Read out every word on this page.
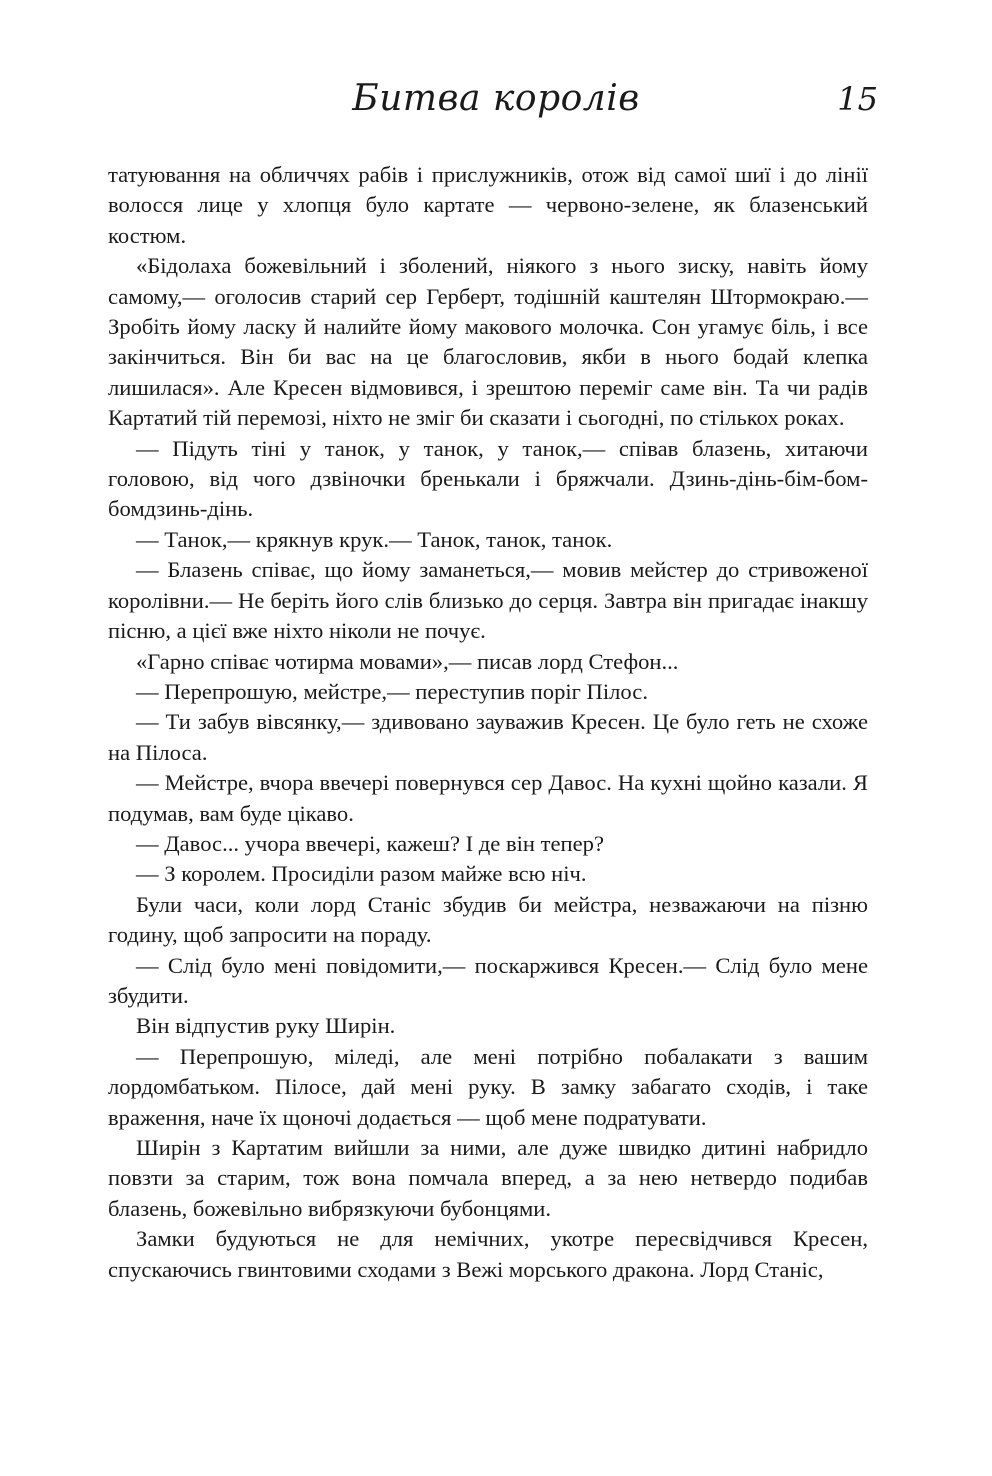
Битва королів	15

татуювання на обличчях рабів і прислужників, отож від самої шиї і до лінії волосся лице у хлопця було картате — червоно-зелене, як блазенський костюм.

«Бідолаха божевільний і зболений, ніякого з нього зиску, навіть йому самому,— оголосив старий сер Герберт, тодішній каштелян Штормокраю.— Зробіть йому ласку й налийте йому макового молочка. Сон угамує біль, і все закінчиться. Він би вас на це благословив, якби в нього бодай клепка лишилася». Але Кресен відмовився, і зрештою переміг саме він. Та чи радів Картатий тій перемозі, ніхто не зміг би сказати і сьогодні, по стількох роках.

— Підуть тіні у танок, у танок, у танок,— співав блазень, хитаючи головою, від чого дзвіночки бренькали і бряжчали. Дзинь-дінь-бім-бом-бомдзинь-дінь.

— Танок,— крякнув крук.— Танок, танок, танок.

— Блазень співає, що йому заманеться,— мовив мейстер до стривоженої королівни.— Не беріть його слів близько до серця. Завтра він пригадає інакшу пісню, а цієї вже ніхто ніколи не почує.

«Гарно співає чотирма мовами»,— писав лорд Стефон...

— Перепрошую, мейстре,— переступив поріг Пілос.

— Ти забув вівсянку,— здивовано зауважив Кресен. Це було геть не схоже на Пілоса.

— Мейстре, вчора ввечері повернувся сер Давос. На кухні щойно казали. Я подумав, вам буде цікаво.

— Давос... учора ввечері, кажеш? І де він тепер?

— З королем. Просиділи разом майже всю ніч.

Були часи, коли лорд Станіс збудив би мейстра, незважаючи на пізню годину, щоб запросити на пораду.

— Слід було мені повідомити,— поскаржився Кресен.— Слід було мене збудити.

Він відпустив руку Ширін.

— Перепрошую, міледі, але мені потрібно побалакати з вашим лордомбатьком. Пілосе, дай мені руку. В замку забагато сходів, і таке враження, наче їх щоночі додається — щоб мене подратувати.

Ширін з Картатим вийшли за ними, але дуже швидко дитині набридло повзти за старим, тож вона помчала вперед, а за нею нетвердо подибав блазень, божевільно вибрязкуючи бубонцями.

Замки будуються не для немічних, укотре пересвідчився Кресен, спускаючись гвинтовими сходами з Вежі морського дракона. Лорд Станіс,
